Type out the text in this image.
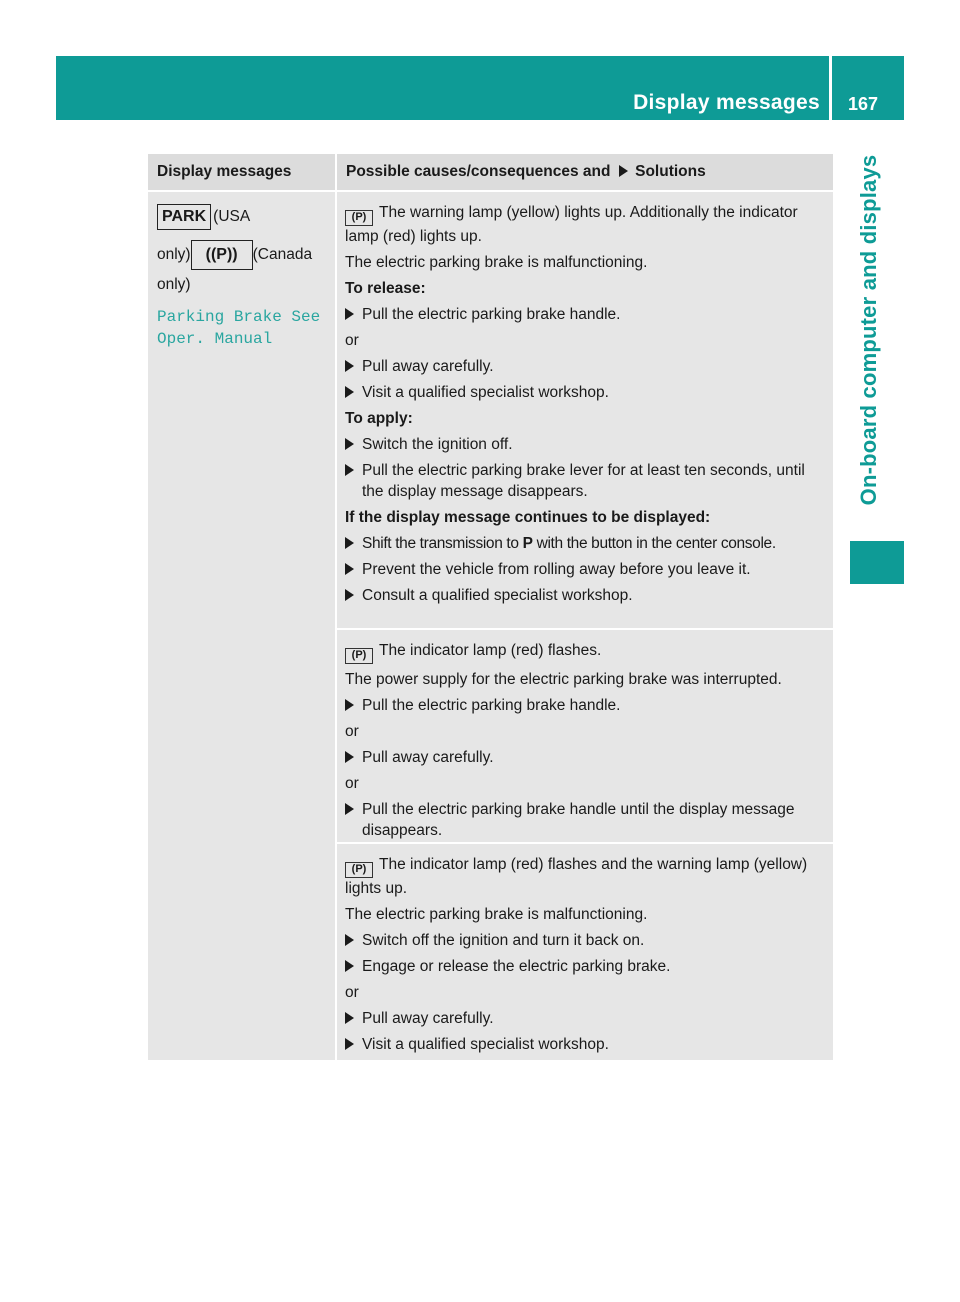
Display messages 167
On-board computer and displays
Display messages	Possible causes/consequences and Solutions
PARK (USA
only) ((P)) (Canada
only)
Parking Brake See
Oper. Manual

(P) The warning lamp (yellow) lights up. Additionally the indicator lamp (red) lights up.

The electric parking brake is malfunctioning.

To release:

Pull the electric parking brake handle.

or

Pull away carefully.
Visit a qualified specialist workshop.

To apply:

Switch the ignition off.
Pull the electric parking brake lever for at least ten seconds, until the display message disappears.

If the display message continues to be displayed:

Shift the transmission to P with the button in the center console.
Prevent the vehicle from rolling away before you leave it.
Consult a qualified specialist workshop.

(P) The indicator lamp (red) flashes.

The power supply for the electric parking brake was interrupted.

Pull the electric parking brake handle.

or

Pull away carefully.

or

Pull the electric parking brake handle until the display message disappears.

(P) The indicator lamp (red) flashes and the warning lamp (yellow) lights up.

The electric parking brake is malfunctioning.

Switch off the ignition and turn it back on.
Engage or release the electric parking brake.

or

Pull away carefully.
Visit a qualified specialist workshop.
